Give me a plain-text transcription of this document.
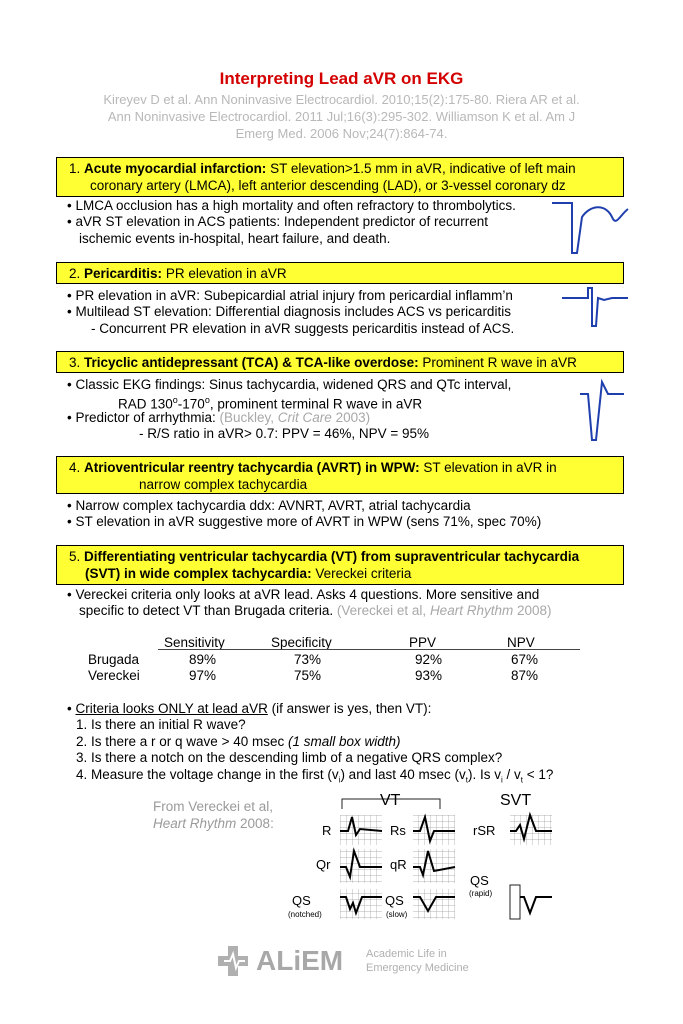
Interpreting Lead aVR on EKG
Kireyev D et al. Ann Noninvasive Electrocardiol. 2010;15(2):175-80. Riera AR et al.
Ann Noninvasive Electrocardiol. 2011 Jul;16(3):295-302. Williamson K et al. Am J
Emerg Med. 2006 Nov;24(7):864-74.
1. Acute myocardial infarction: ST elevation>1.5 mm in aVR, indicative of left main
coronary artery (LMCA), left anterior descending (LAD), or 3-vessel coronary dz
• LMCA occlusion has a high mortality and often refractory to thrombolytics.
• aVR ST elevation in ACS patients: Independent predictor of recurrent
ischemic events in-hospital, heart failure, and death.
2. Pericarditis: PR elevation in aVR
• PR elevation in aVR: Subepicardial atrial injury from pericardial inflamm’n
• Multilead ST elevation: Differential diagnosis includes ACS vs pericarditis
- Concurrent PR elevation in aVR suggests pericarditis instead of ACS.
3. Tricyclic antidepressant (TCA) & TCA-like overdose: Prominent R wave in aVR
• Classic EKG findings: Sinus tachycardia, widened QRS and QTc interval,
RAD 130$^o$-170$^o$, prominent terminal R wave in aVR
• Predictor of arrhythmia: (Buckley, Crit Care 2003)
- R/S ratio in aVR> 0.7: PPV = 46%, NPV = 95%
4. Atrioventricular reentry tachycardia (AVRT) in WPW: ST elevation in aVR in
narrow complex tachycardia
• Narrow complex tachycardia ddx: AVNRT, AVRT, atrial tachycardia
• ST elevation in aVR suggestive more of AVRT in WPW (sens 71%, spec 70%)
5. Differentiating ventricular tachycardia (VT) from supraventricular tachycardia
(SVT) in wide complex tachycardia: Vereckei criteria
• Vereckei criteria only looks at aVR lead. Asks 4 questions. More sensitive and
specific to detect VT than Brugada criteria. (Vereckei et al, Heart Rhythm 2008)
Sensitivity	Specificity	PPV	NPV
Brugada	89%	73%	92%	67%
Vereckei	97%	75%	93%	87%
• Criteria looks ONLY at lead aVR (if answer is yes, then VT):
1. Is there an initial R wave?
2. Is there a r or q wave > 40 msec (1 small box width)
3. Is there a notch on the descending limb of a negative QRS complex?
4. Measure the voltage change in the first $(v_i)$ and last 40 msec $(v_t)$. Is $v_i / v_t < 1$?
From Vereckei et al,
Heart Rhythm 2008:
VT	SVT
R	Rs	rSR
Qr	qR
QS
(notched)
QS
(slow)
QS
(rapid)
ALiEM Academic Life in
Emergency Medicine
